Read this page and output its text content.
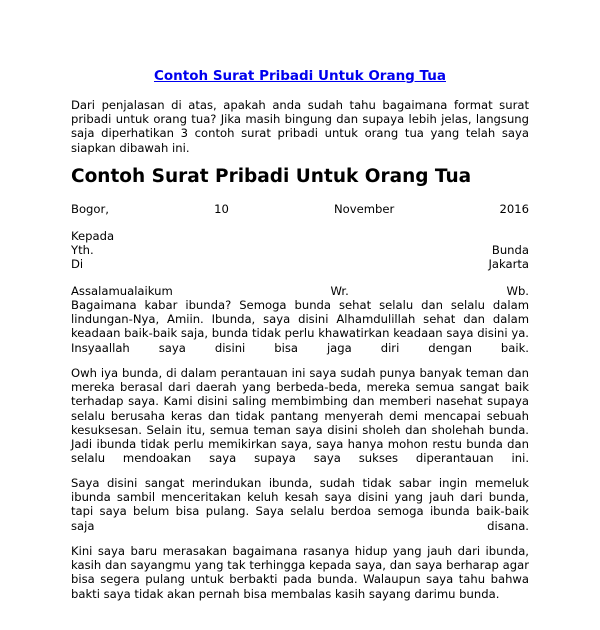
Contoh Surat Pribadi Untuk Orang Tua
Dari penjalasan di atas, apakah anda sudah tahu bagaimana format surat pribadi untuk orang tua? Jika masih bingung dan supaya lebih jelas, langsung saja diperhatikan 3 contoh surat pribadi untuk orang tua yang telah saya siapkan dibawah ini.
Contoh Surat Pribadi Untuk Orang Tua
Bogor,	10	November	2016
Kepada
Yth.	Bunda
Di	Jakarta
Assalamualaikum	Wr.	Wb.
Bagaimana kabar ibunda? Semoga bunda sehat selalu dan selalu dalam lindungan-Nya, Amiin. Ibunda, saya disini Alhamdulillah sehat dan dalam keadaan baik-baik saja, bunda tidak perlu khawatirkan keadaan saya disini ya. Insyaallah saya disini bisa jaga diri dengan baik.
Owh iya bunda, di dalam perantauan ini saya sudah punya banyak teman dan mereka berasal dari daerah yang berbeda-beda, mereka semua sangat baik terhadap saya. Kami disini saling membimbing dan memberi nasehat supaya selalu berusaha keras dan tidak pantang menyerah demi mencapai sebuah kesuksesan. Selain itu, semua teman saya disini sholeh dan sholehah bunda. Jadi ibunda tidak perlu memikirkan saya, saya hanya mohon restu bunda dan selalu mendoakan saya supaya saya sukses diperantauan ini.
Saya disini sangat merindukan ibunda, sudah tidak sabar ingin memeluk ibunda sambil menceritakan keluh kesah saya disini yang jauh dari bunda, tapi saya belum bisa pulang. Saya selalu berdoa semoga ibunda baik-baik saja disana.
Kini saya baru merasakan bagaimana rasanya hidup yang jauh dari ibunda, kasih dan sayangmu yang tak terhingga kepada saya, dan saya berharap agar bisa segera pulang untuk berbakti pada bunda. Walaupun saya tahu bahwa bakti saya tidak akan pernah bisa membalas kasih sayang darimu bunda.
